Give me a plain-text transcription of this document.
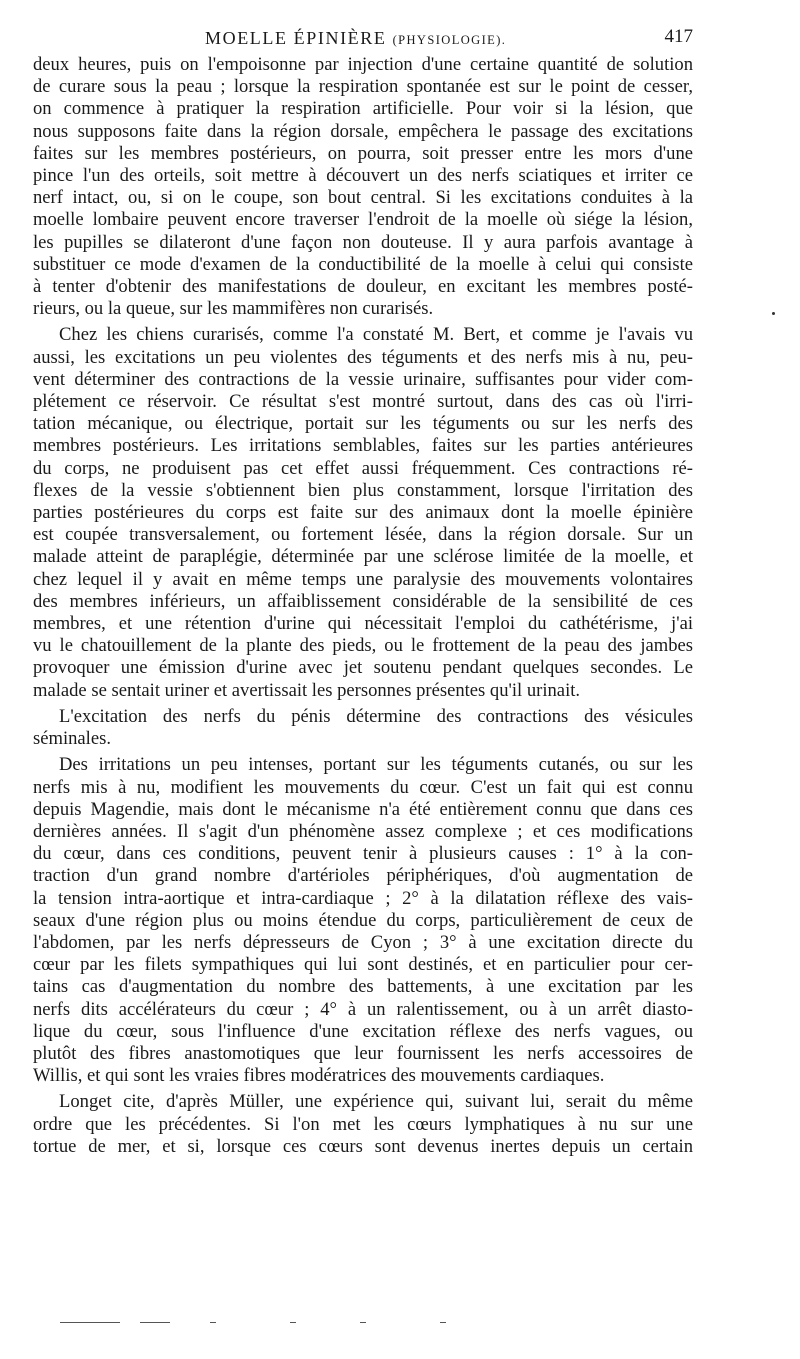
MOELLE ÉPINIÈRE (PHYSIOLOGIE).	417

deux heures, puis on l'empoisonne par injection d'une certaine quantité de solution

de curare sous la peau ; lorsque la respiration spontanée est sur le point de cesser,

on commence à pratiquer la respiration artificielle. Pour voir si la lésion, que

nous supposons faite dans la région dorsale, empêchera le passage des excitations

faites sur les membres postérieurs, on pourra, soit presser entre les mors d'une

pince l'un des orteils, soit mettre à découvert un des nerfs sciatiques et irriter ce

nerf intact, ou, si on le coupe, son bout central. Si les excitations conduites à la

moelle lombaire peuvent encore traverser l'endroit de la moelle où siége la lésion,

les pupilles se dilateront d'une façon non douteuse. Il y aura parfois avantage à

substituer ce mode d'examen de la conductibilité de la moelle à celui qui consiste

à tenter d'obtenir des manifestations de douleur, en excitant les membres posté-

rieurs, ou la queue, sur les mammifères non curarisés.

Chez les chiens curarisés, comme l'a constaté M. Bert, et comme je l'avais vu

aussi, les excitations un peu violentes des téguments et des nerfs mis à nu, peu-

vent déterminer des contractions de la vessie urinaire, suffisantes pour vider com-

plétement ce réservoir. Ce résultat s'est montré surtout, dans des cas où l'irri-

tation mécanique, ou électrique, portait sur les téguments ou sur les nerfs des

membres postérieurs. Les irritations semblables, faites sur les parties antérieures

du corps, ne produisent pas cet effet aussi fréquemment. Ces contractions ré-

flexes de la vessie s'obtiennent bien plus constamment, lorsque l'irritation des

parties postérieures du corps est faite sur des animaux dont la moelle épinière

est coupée transversalement, ou fortement lésée, dans la région dorsale. Sur un

malade atteint de paraplégie, déterminée par une sclérose limitée de la moelle, et

chez lequel il y avait en même temps une paralysie des mouvements volontaires

des membres inférieurs, un affaiblissement considérable de la sensibilité de ces

membres, et une rétention d'urine qui nécessitait l'emploi du cathétérisme, j'ai

vu le chatouillement de la plante des pieds, ou le frottement de la peau des jambes

provoquer une émission d'urine avec jet soutenu pendant quelques secondes. Le

malade se sentait uriner et avertissait les personnes présentes qu'il urinait.

L'excitation des nerfs du pénis détermine des contractions des vésicules

séminales.

Des irritations un peu intenses, portant sur les téguments cutanés, ou sur les

nerfs mis à nu, modifient les mouvements du cœur. C'est un fait qui est connu

depuis Magendie, mais dont le mécanisme n'a été entièrement connu que dans ces

dernières années. Il s'agit d'un phénomène assez complexe ; et ces modifications

du cœur, dans ces conditions, peuvent tenir à plusieurs causes : 1° à la con-

traction d'un grand nombre d'artérioles périphériques, d'où augmentation de

la tension intra-aortique et intra-cardiaque ; 2° à la dilatation réflexe des vais-

seaux d'une région plus ou moins étendue du corps, particulièrement de ceux de

l'abdomen, par les nerfs dépresseurs de Cyon ; 3° à une excitation directe du

cœur par les filets sympathiques qui lui sont destinés, et en particulier pour cer-

tains cas d'augmentation du nombre des battements, à une excitation par les

nerfs dits accélérateurs du cœur ; 4° à un ralentissement, ou à un arrêt diasto-

lique du cœur, sous l'influence d'une excitation réflexe des nerfs vagues, ou

plutôt des fibres anastomotiques que leur fournissent les nerfs accessoires de

Willis, et qui sont les vraies fibres modératrices des mouvements cardiaques.

Longet cite, d'après Müller, une expérience qui, suivant lui, serait du même

ordre que les précédentes. Si l'on met les cœurs lymphatiques à nu sur une

tortue de mer, et si, lorsque ces cœurs sont devenus inertes depuis un certain
